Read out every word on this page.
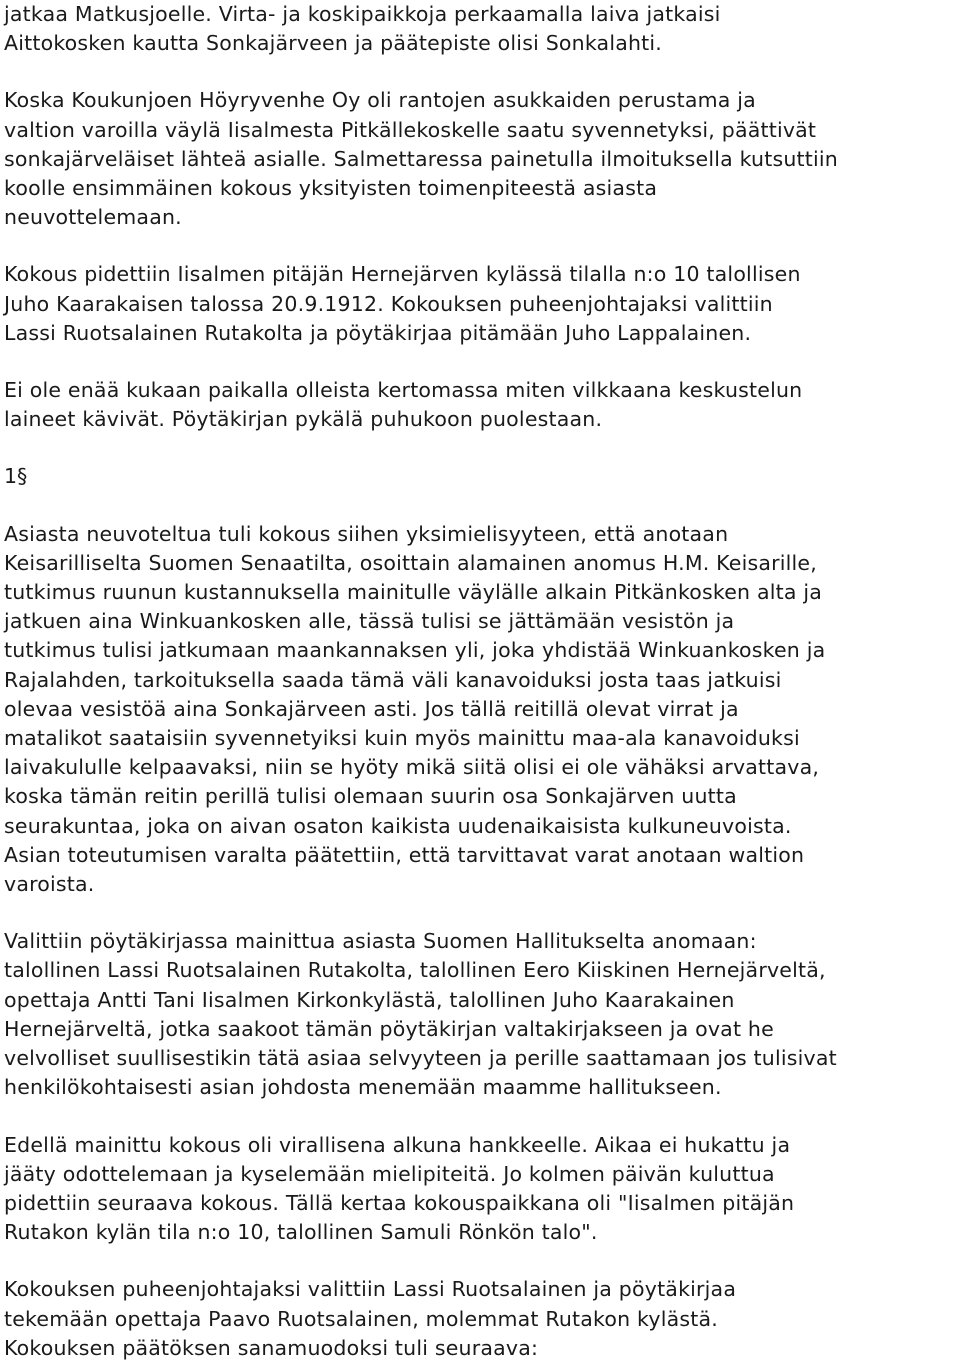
jatkaa Matkusjoelle. Virta- ja koskipaikkoja perkaamalla laiva jatkaisi
Aittokosken kautta Sonkajärveen ja päätepiste olisi Sonkalahti.

Koska Koukunjoen Höyryvenhe Oy oli rantojen asukkaiden perustama ja
valtion varoilla väylä Iisalmesta Pitkällekoskelle saatu syvennetyksi, päättivät
sonkajärveläiset lähteä asialle. Salmettaressa painetulla ilmoituksella kutsuttiin
koolle ensimmäinen kokous yksityisten toimenpiteestä asiasta
neuvottelemaan.

Kokous pidettiin Iisalmen pitäjän Hernejärven kylässä tilalla n:o 10 talollisen
Juho Kaarakaisen talossa 20.9.1912. Kokouksen puheenjohtajaksi valittiin
Lassi Ruotsalainen Rutakolta ja pöytäkirjaa pitämään Juho Lappalainen.

Ei ole enää kukaan paikalla olleista kertomassa miten vilkkaana keskustelun
laineet kävivät. Pöytäkirjan pykälä puhukoon puolestaan.

1§

Asiasta neuvoteltua tuli kokous siihen yksimielisyyteen, että anotaan
Keisarilliselta Suomen Senaatilta, osoittain alamainen anomus H.M. Keisarille,
tutkimus ruunun kustannuksella mainitulle väylälle alkain Pitkänkosken alta ja
jatkuen aina Winkuankosken alle, tässä tulisi se jättämään vesistön ja
tutkimus tulisi jatkumaan maankannaksen yli, joka yhdistää Winkuankosken ja
Rajalahden, tarkoituksella saada tämä väli kanavoiduksi josta taas jatkuisi
olevaa vesistöä aina Sonkajärveen asti. Jos tällä reitillä olevat virrat ja
matalikot saataisiin syvennetyiksi kuin myös mainittu maa-ala kanavoiduksi
laivakululle kelpaavaksi, niin se hyöty mikä siitä olisi ei ole vähäksi arvattava,
koska tämän reitin perillä tulisi olemaan suurin osa Sonkajärven uutta
seurakuntaa, joka on aivan osaton kaikista uudenaikaisista kulkuneuvoista.
Asian toteutumisen varalta päätettiin, että tarvittavat varat anotaan waltion
varoista.

Valittiin pöytäkirjassa mainittua asiasta Suomen Hallitukselta anomaan:
talollinen Lassi Ruotsalainen Rutakolta, talollinen Eero Kiiskinen Hernejärveltä,
opettaja Antti Tani Iisalmen Kirkonkylästä, talollinen Juho Kaarakainen
Hernejärveltä, jotka saakoot tämän pöytäkirjan valtakirjakseen ja ovat he
velvolliset suullisestikin tätä asiaa selvyyteen ja perille saattamaan jos tulisivat
henkilökohtaisesti asian johdosta menemään maamme hallitukseen.

Edellä mainittu kokous oli virallisena alkuna hankkeelle. Aikaa ei hukattu ja
jääty odottelemaan ja kyselemään mielipiteitä. Jo kolmen päivän kuluttua
pidettiin seuraava kokous. Tällä kertaa kokouspaikkana oli "Iisalmen pitäjän
Rutakon kylän tila n:o 10, talollinen Samuli Rönkön talo".

Kokouksen puheenjohtajaksi valittiin Lassi Ruotsalainen ja pöytäkirjaa
tekemään opettaja Paavo Ruotsalainen, molemmat Rutakon kylästä.
Kokouksen päätöksen sanamuodoksi tuli seuraava:
